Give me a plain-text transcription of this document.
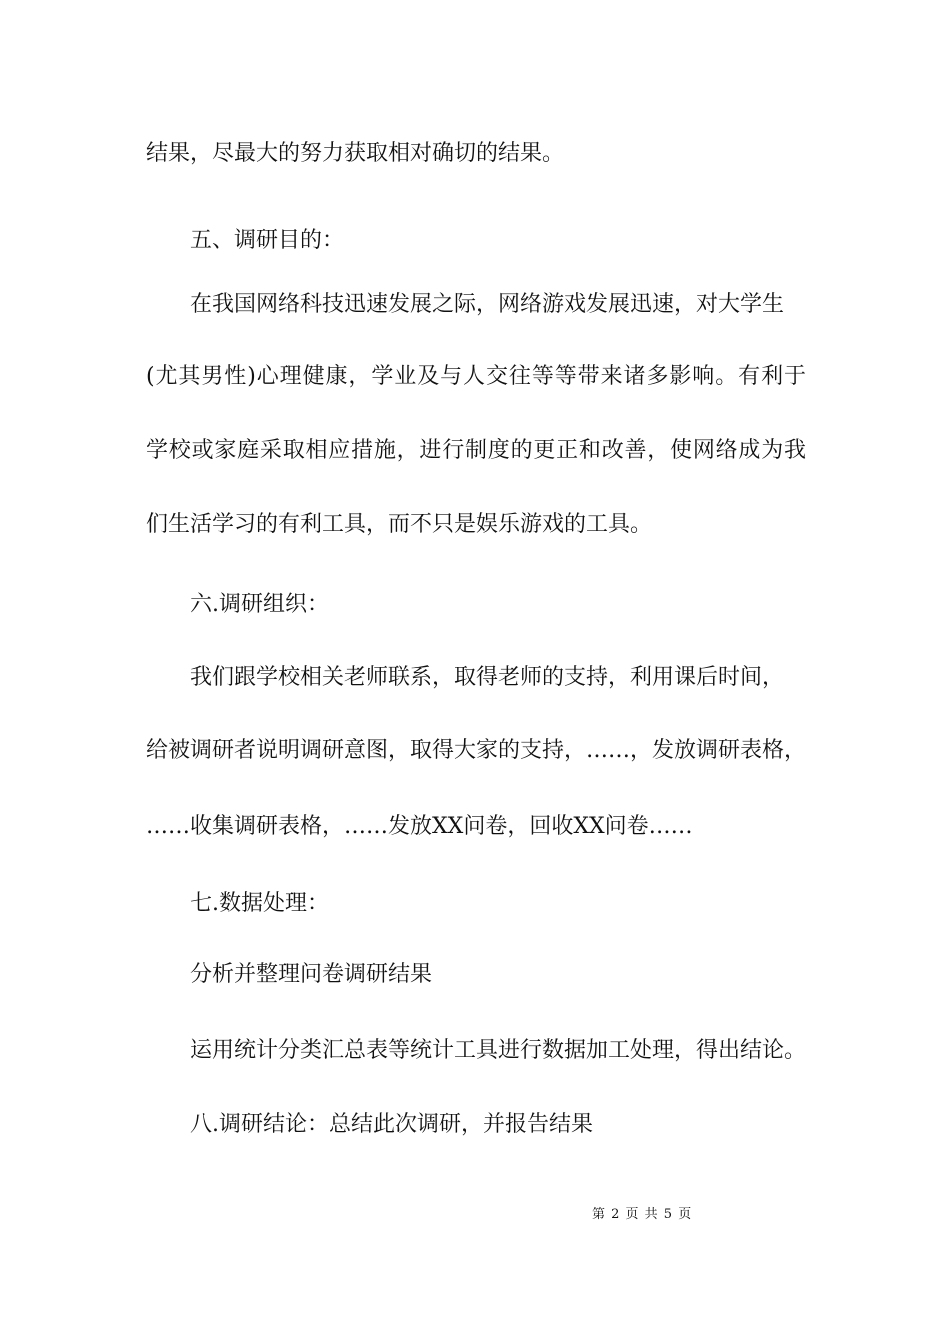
结果，尽最大的努力获取相对确切的结果。
五、调研目的：
在我国网络科技迅速发展之际，网络游戏发展迅速，对大学生
(尤其男性)心理健康，学业及与人交往等等带来诸多影响。有利于
学校或家庭采取相应措施，进行制度的更正和改善，使网络成为我
们生活学习的有利工具，而不只是娱乐游戏的工具。
六.调研组织：
我们跟学校相关老师联系，取得老师的支持，利用课后时间，
给被调研者说明调研意图，取得大家的支持，……，发放调研表格，
……收集调研表格，……发放XX问卷，回收XX问卷……
七.数据处理：
分析并整理问卷调研结果
运用统计分类汇总表等统计工具进行数据加工处理，得出结论。
八.调研结论：总结此次调研，并报告结果
第 2 页 共 5 页
